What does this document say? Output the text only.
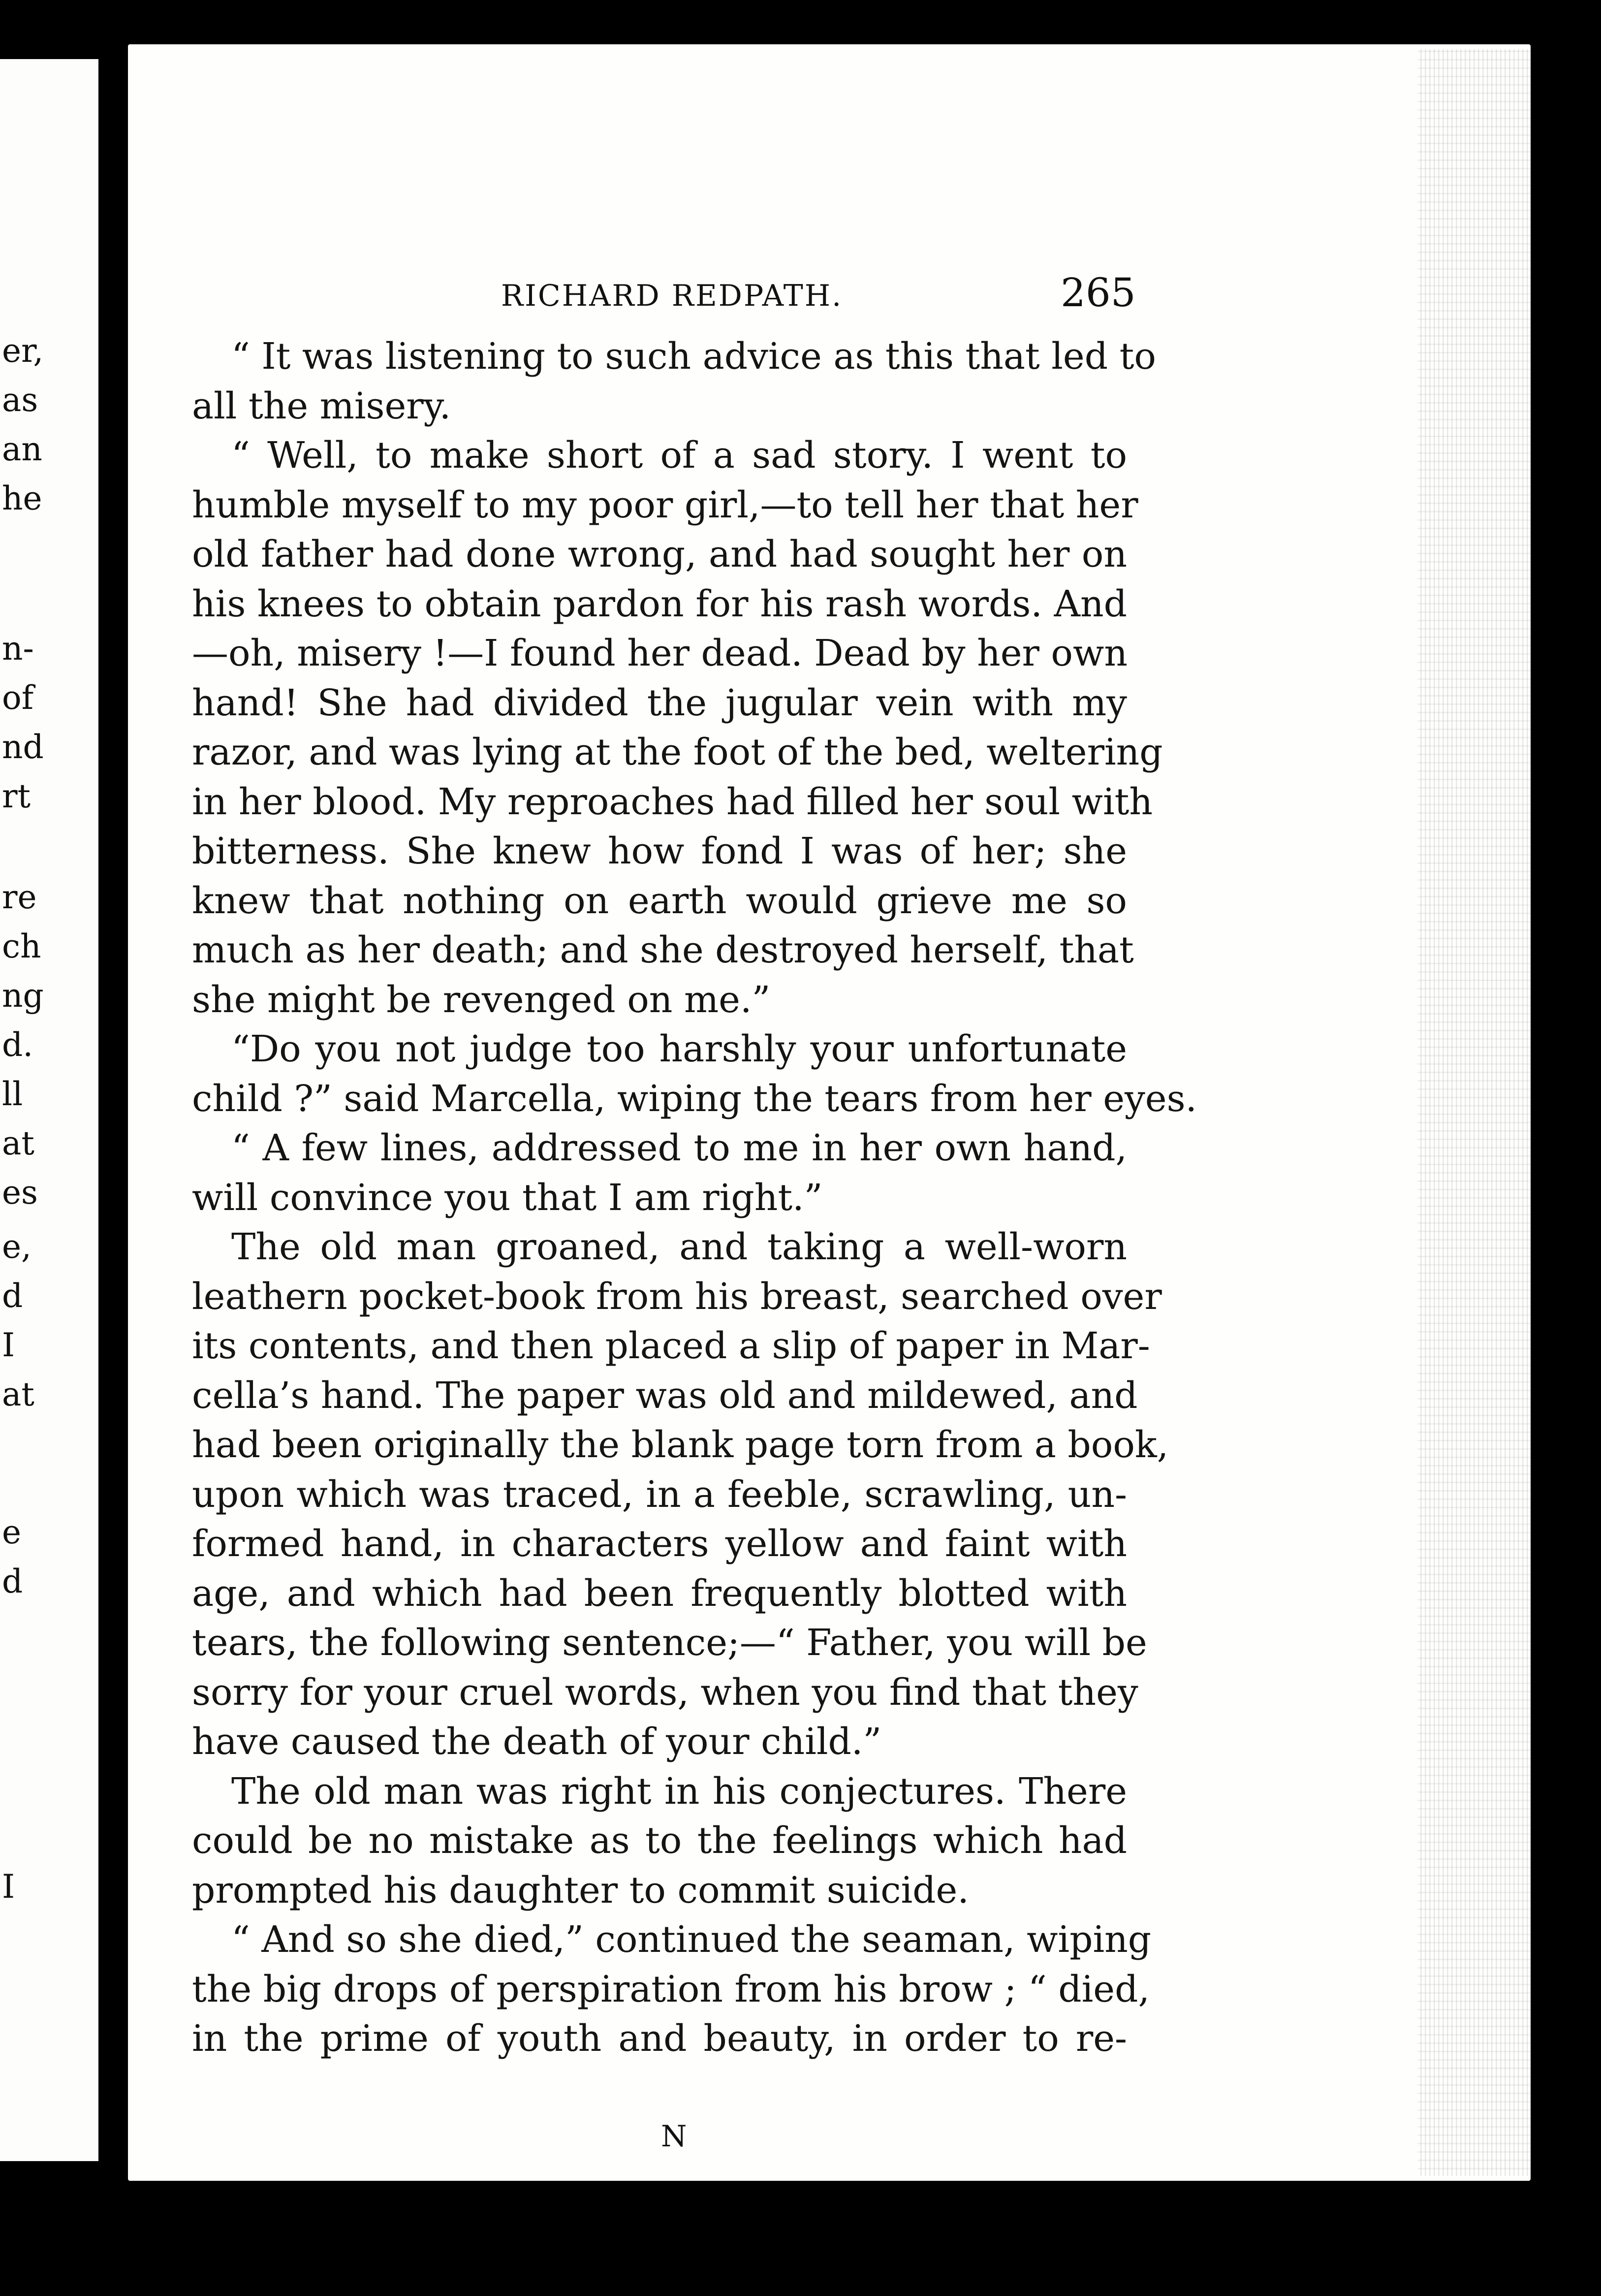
er,
as
an
he
n-
of
nd
rt
re
ch
ng
d.
ll
at
es
e,
d
I
at
e
d
I
RICHARD REDPATH.	265
“ It was listening to such advice as this that led to
all the misery.
“ Well, to make short of a sad story. I went to
humble myself to my poor girl,—to tell her that her
old father had done wrong, and had sought her on
his knees to obtain pardon for his rash words. And
—oh, misery !—I found her dead. Dead by her own
hand! She had divided the jugular vein with my
razor, and was lying at the foot of the bed, weltering
in her blood. My reproaches had filled her soul with
bitterness. She knew how fond I was of her; she
knew that nothing on earth would grieve me so
much as her death; and she destroyed herself, that
she might be revenged on me.”
“Do you not judge too harshly your unfortunate
child ?” said Marcella, wiping the tears from her eyes.
“ A few lines, addressed to me in her own hand,
will convince you that I am right.”
The old man groaned, and taking a well-worn
leathern pocket-book from his breast, searched over
its contents, and then placed a slip of paper in Mar-
cella’s hand. The paper was old and mildewed, and
had been originally the blank page torn from a book,
upon which was traced, in a feeble, scrawling, un-
formed hand, in characters yellow and faint with
age, and which had been frequently blotted with
tears, the following sentence;—“ Father, you will be
sorry for your cruel words, when you find that they
have caused the death of your child.”
The old man was right in his conjectures. There
could be no mistake as to the feelings which had
prompted his daughter to commit suicide.
“ And so she died,” continued the seaman, wiping
the big drops of perspiration from his brow ; “ died,
in the prime of youth and beauty, in order to re-
N
